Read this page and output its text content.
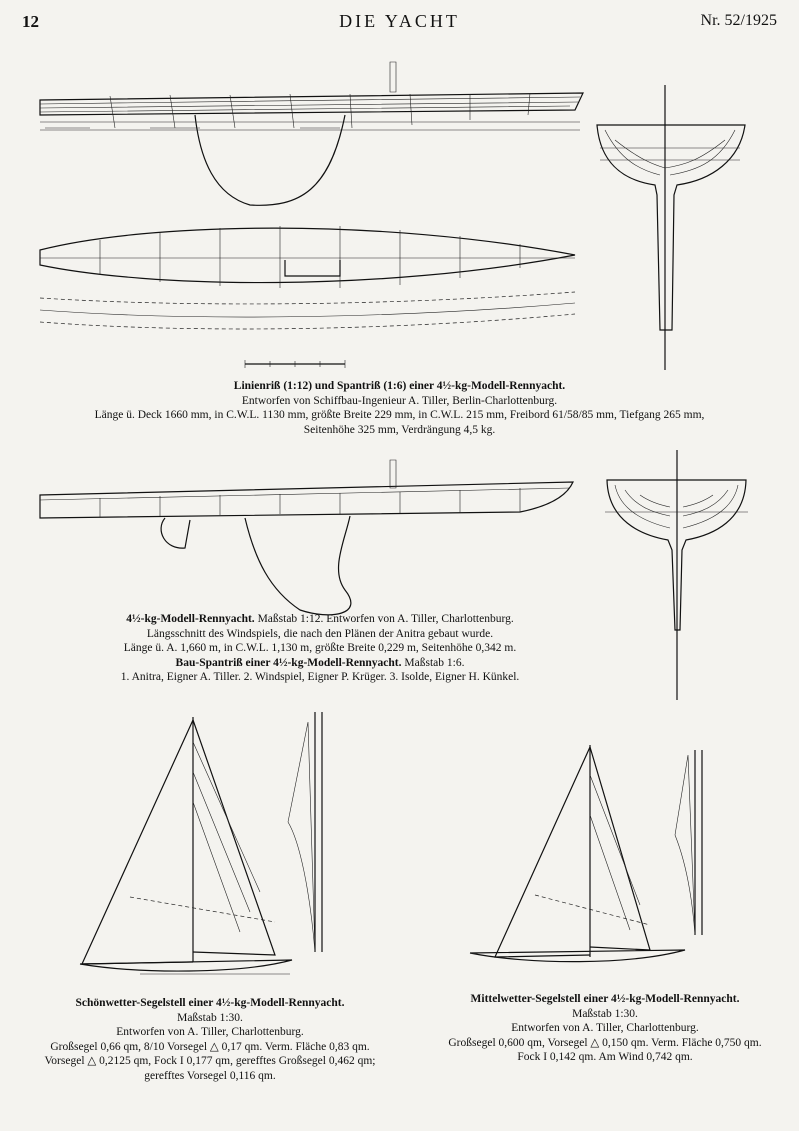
12	DIE YACHT	Nr. 52/1925
Linienriß (1:12) und Spantriß (1:6) einer 4½-kg-Modell-Rennyacht.
Entworfen von Schiffbau-Ingenieur A. Tiller, Berlin-Charlottenburg.
Länge ü. Deck 1660 mm, in C.W.L. 1130 mm, größte Breite 229 mm, in C.W.L. 215 mm, Freibord 61/58/85 mm, Tiefgang 265 mm,
Seitenhöhe 325 mm, Verdrängung 4,5 kg.
4½-kg-Modell-Rennyacht. Maßstab 1:12. Entworfen von A. Tiller, Charlottenburg.
Längsschnitt des Windspiels, die nach den Plänen der Anitra gebaut wurde.
Länge ü. A. 1,660 m, in C.W.L. 1,130 m, größte Breite 0,229 m, Seitenhöhe 0,342 m.
Bau-Spantriß einer 4½-kg-Modell-Rennyacht. Maßstab 1:6.
1. Anitra, Eigner A. Tiller. 2. Windspiel, Eigner P. Krüger. 3. Isolde, Eigner H. Künkel.
Schönwetter-Segelstell einer 4½-kg-Modell-Rennyacht.
Maßstab 1:30.
Entworfen von A. Tiller, Charlottenburg.
Großsegel 0,66 qm, 8/10 Vorsegel △ 0,17 qm. Verm. Fläche 0,83 qm.
Vorsegel △ 0,2125 qm, Fock I 0,177 qm, gerefftes Großsegel 0,462 qm;
gerefftes Vorsegel 0,116 qm.
Mittelwetter-Segelstell einer 4½-kg-Modell-Rennyacht.
Maßstab 1:30.
Entworfen von A. Tiller, Charlottenburg.
Großsegel 0,600 qm, Vorsegel △ 0,150 qm. Verm. Fläche 0,750 qm.
Fock I 0,142 qm. Am Wind 0,742 qm.
